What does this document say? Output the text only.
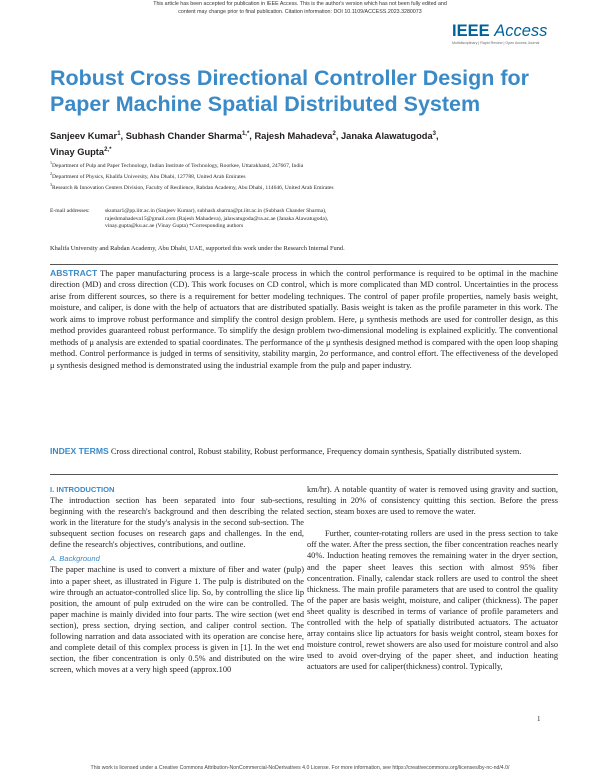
This article has been accepted for publication in IEEE Access. This is the author's version which has not been fully edited and
content may change prior to final publication. Citation information: DOI 10.1109/ACCESS.2023.3280073
IEEE Access
Multidisciplinary | Rapid Review | Open Access Journal
Robust Cross Directional Controller Design for Paper Machine Spatial Distributed System
Sanjeev Kumar$^1$, Subhash Chander Sharma$^{1,*}$, Rajesh Mahadeva$^2$, Janaka Alawatugoda$^3$,
Vinay Gupta$^{2,*}$
$^1$Department of Pulp and Paper Technology, Indian Institute of Technology, Roorkee, Uttarakhand, 247667, India
$^2$Department of Physics, Khalifa University, Abu Dhabi, 127788, United Arab Emirates
$^3$Research & Innovation Centers Division, Faculty of Resilience, Rabdan Academy, Abu Dhabi, 114646, United Arab Emirates
E-mail addresses:	skumar1@pp.iitr.ac.in (Sanjeev Kumar), subhash.sharma@pt.iitr.ac.in (Subhash Chander Sharma),
rajeshmahadeva15@gmail.com (Rajesh Mahadeva), jalawatugoda@ra.ac.ae (Janaka Alawatugoda),
vinay.gupta@ku.ac.ae (Vinay Gupta) *Corresponding authors
Khalifa University and Rabdan Academy, Abu Dhabi, UAE, supported this work under the Research Internal Fund.
ABSTRACT The paper manufacturing process is a large-scale process in which the control performance is required to be optimal in the machine direction (MD) and cross direction (CD). This work focuses on CD control, which is more complicated than MD control. Uncertainties in the process arise from different sources, so there is a requirement for better modeling techniques. The control of paper profile properties, namely basis weight, moisture, and caliper, is done with the help of actuators that are distributed spatially. Basis weight is taken as the profile parameter in this work. The work aims to improve robust performance and simplify the control design problem. Here, μ synthesis methods are used for controller design, as this method provides guaranteed robust performance. To simplify the design problem two-dimensional modeling is explained explicitly. The conventional methods of μ analysis are extended to spatial coordinates. The performance of the μ synthesis designed method is compared with the open loop shaping method. Control performance is judged in terms of sensitivity, stability margin, 2σ performance, and control effort. The effectiveness of the developed μ synthesis designed method is demonstrated using the industrial example from the pulp and paper industry.
INDEX TERMS Cross directional control, Robust stability, Robust performance, Frequency domain synthesis, Spatially distributed system.
I. INTRODUCTION

The introduction section has been separated into four sub-sections, beginning with the research's background and then describing the related work in the literature for the study's analysis in the second sub-section. The subsequent section focuses on research gaps and challenges. In the end, define the research's objectives, contributions, and outline.

A. Background

The paper machine is used to convert a mixture of fiber and water (pulp) into a paper sheet, as illustrated in Figure 1. The pulp is distributed on the wire through an actuator-controlled slice lip. So, by controlling the slice lip position, the amount of pulp extruded on the wire can be controlled. The paper machine is mainly divided into four parts. The wire section (wet end section), press section, drying section, and caliper control section. The following narration and data associated with its operation are concise here, and complete detail of this complex process is given in [1]. In the wet end section, the fiber concentration is only 0.5% and distributed on the wire screen, which moves at a very high speed (approx.100

km/hr). A notable quantity of water is removed using gravity and suction, resulting in 20% of consistency quitting this section. Before the press section, steam boxes are used to remove the water.

Further, counter-rotating rollers are used in the press section to take off the water. After the press section, the fiber concentration reaches nearly 40%. Induction heating removes the remaining water in the dryer section, and the paper sheet leaves this section with almost 95% fiber concentration. Finally, calendar stack rollers are used to control the sheet thickness. The main profile parameters that are used to control the quality of the paper are basis weight, moisture, and caliper (thickness). The paper sheet quality is described in terms of variance of profile parameters and controlled with the help of spatially distributed actuators. The actuator array contains slice lip actuators for basis weight control, steam boxes for moisture control, rewet showers are also used for moisture control and also used to avoid over-drying of the paper sheet, and induction heating actuators are used for caliper(thickness) control. Typically,

1
This work is licensed under a Creative Commons Attribution-NonCommercial-NoDerivatives 4.0 License. For more information, see https://creativecommons.org/licenses/by-nc-nd/4.0/
